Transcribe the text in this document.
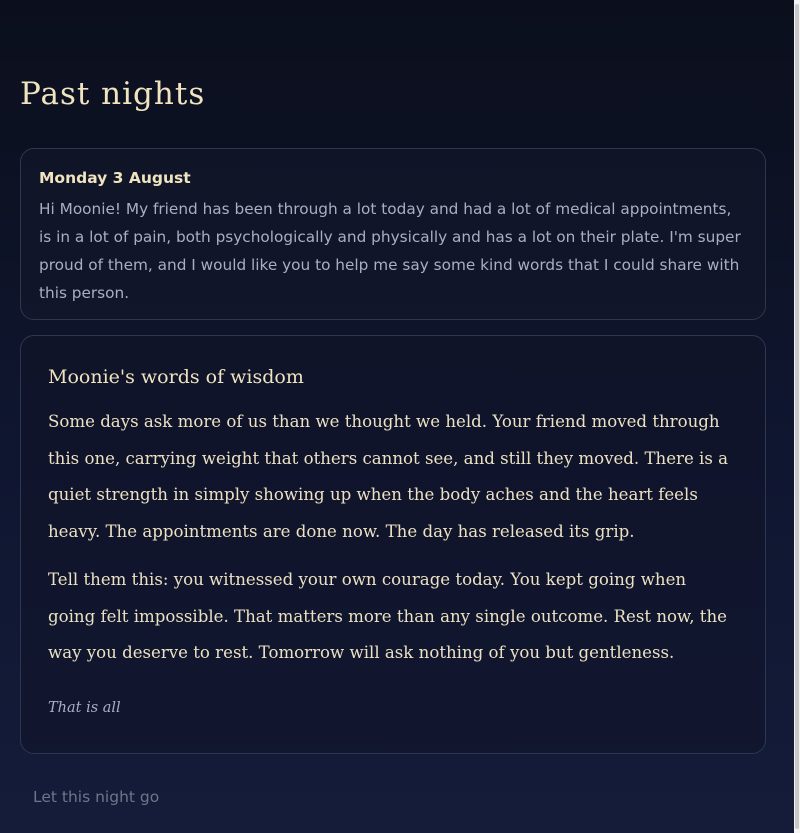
Past nights
Monday 3 August
Hi Moonie! My friend has been through a lot today and had a lot of medical appointments, is in a lot of pain, both psychologically and physically and has a lot on their plate. I'm super proud of them, and I would like you to help me say some kind words that I could share with this person.
Moonie's words of wisdom

Some days ask more of us than we thought we held. Your friend moved through this one, carrying weight that others cannot see, and still they moved. There is a quiet strength in simply showing up when the body aches and the heart feels heavy. The appointments are done now. The day has released its grip.

Tell them this: you witnessed your own courage today. You kept going when going felt impossible. That matters more than any single outcome. Rest now, the way you deserve to rest. Tomorrow will ask nothing of you but gentleness.

That is all
Let this night go
